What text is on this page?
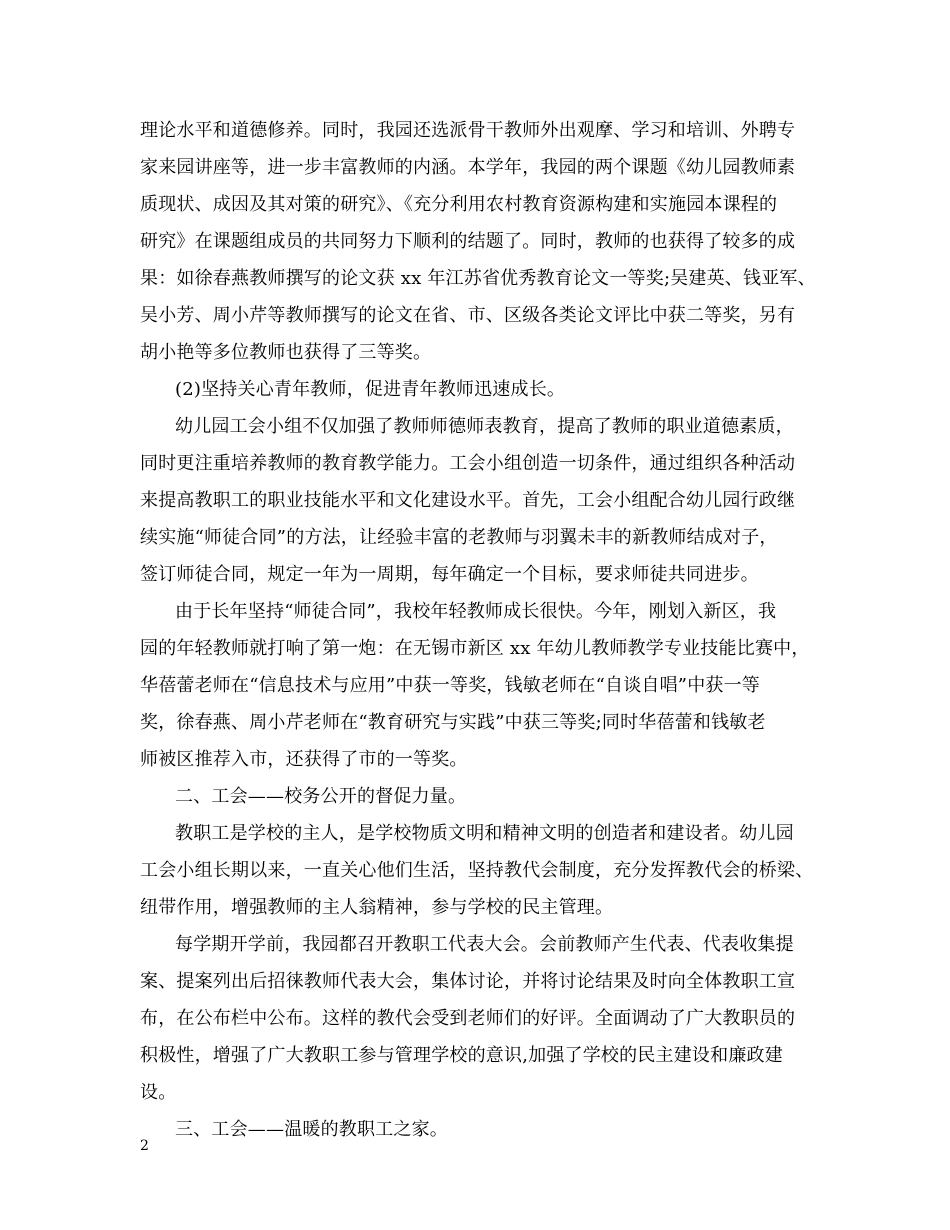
理论水平和道德修养。同时，我园还选派骨干教师外出观摩、学习和培训、外聘专
家来园讲座等，进一步丰富教师的内涵。本学年，我园的两个课题《幼儿园教师素
质现状、成因及其对策的研究》、《充分利用农村教育资源构建和实施园本课程的
研究》在课题组成员的共同努力下顺利的结题了。同时，教师的也获得了较多的成
果：如徐春燕教师撰写的论文获 xx 年江苏省优秀教育论文一等奖;吴建英、钱亚军、
吴小芳、周小芹等教师撰写的论文在省、市、区级各类论文评比中获二等奖，另有
胡小艳等多位教师也获得了三等奖。
(2)坚持关心青年教师，促进青年教师迅速成长。
幼儿园工会小组不仅加强了教师师德师表教育，提高了教师的职业道德素质，
同时更注重培养教师的教育教学能力。工会小组创造一切条件，通过组织各种活动
来提高教职工的职业技能水平和文化建设水平。首先，工会小组配合幼儿园行政继
续实施“师徒合同”的方法，让经验丰富的老教师与羽翼未丰的新教师结成对子，
签订师徒合同，规定一年为一周期，每年确定一个目标，要求师徒共同进步。
由于长年坚持“师徒合同”，我校年轻教师成长很快。今年，刚划入新区，我
园的年轻教师就打响了第一炮：在无锡市新区 xx 年幼儿教师教学专业技能比赛中，
华蓓蕾老师在“信息技术与应用”中获一等奖，钱敏老师在“自谈自唱”中获一等
奖，徐春燕、周小芹老师在“教育研究与实践”中获三等奖;同时华蓓蕾和钱敏老
师被区推荐入市，还获得了市的一等奖。
二、工会——校务公开的督促力量。
教职工是学校的主人，是学校物质文明和精神文明的创造者和建设者。幼儿园
工会小组长期以来，一直关心他们生活，坚持教代会制度，充分发挥教代会的桥梁、
纽带作用，增强教师的主人翁精神，参与学校的民主管理。
每学期开学前，我园都召开教职工代表大会。会前教师产生代表、代表收集提
案、提案列出后招徕教师代表大会，集体讨论，并将讨论结果及时向全体教职工宣
布，在公布栏中公布。这样的教代会受到老师们的好评。全面调动了广大教职员的
积极性，增强了广大教职工参与管理学校的意识,加强了学校的民主建设和廉政建
设。
三、工会——温暖的教职工之家。
2
